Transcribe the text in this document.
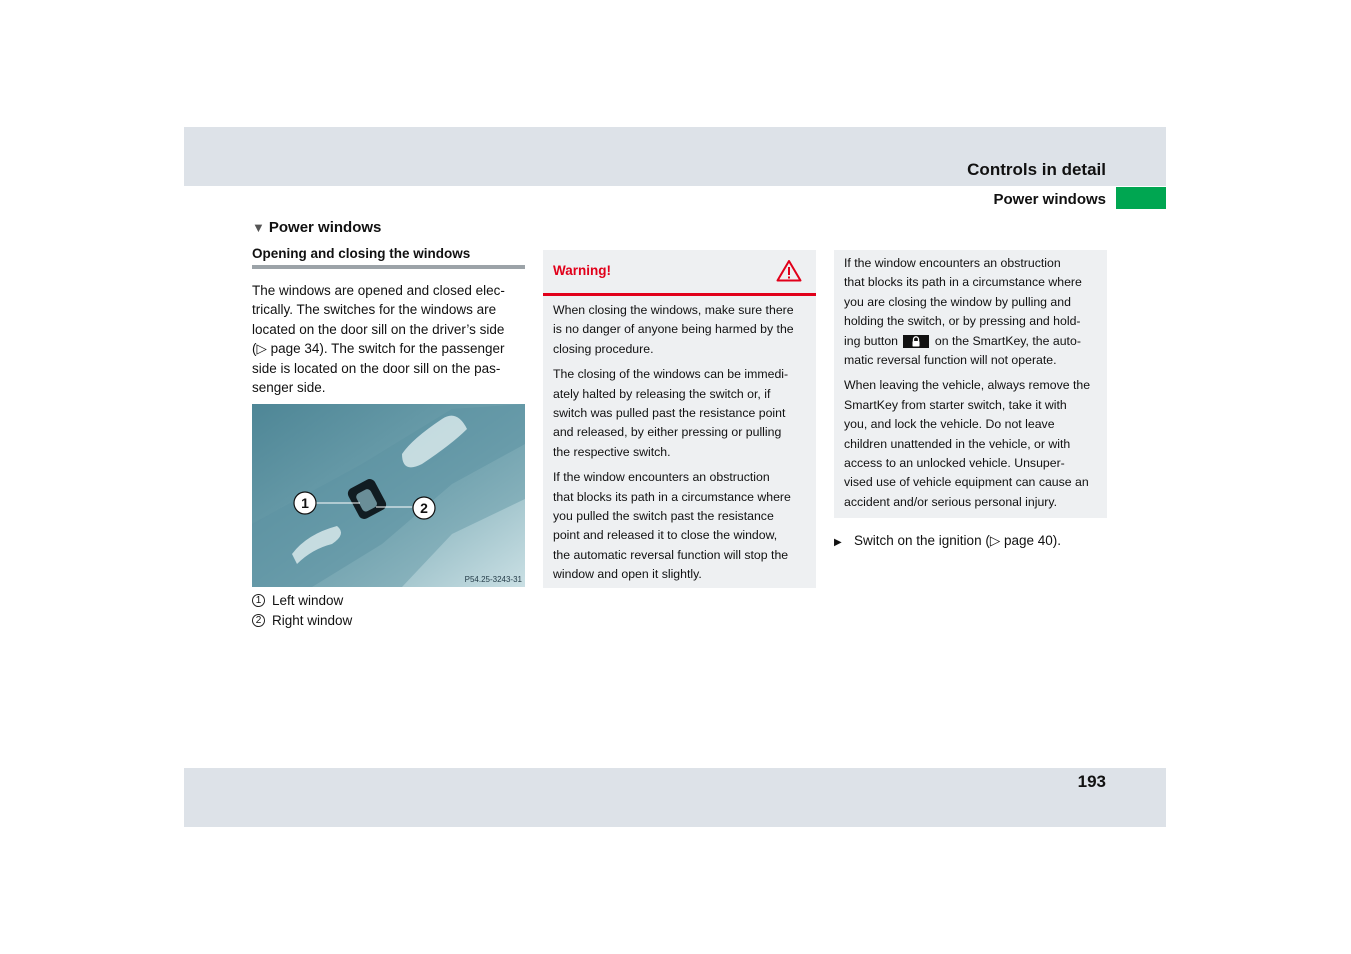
Controls in detail
Power windows
▼ Power windows
Opening and closing the windows

The windows are opened and closed elec-
trically. The switches for the windows are
located on the door sill on the driver’s side
(▷ page 34). The switch for the passenger
side is located on the door sill on the pas-
senger side.

1	2
P54.25-3243-31
1 Left window
2 Right window
Warning!

When closing the windows, make sure there
is no danger of anyone being harmed by the
closing procedure.

The closing of the windows can be immedi-
ately halted by releasing the switch or, if
switch was pulled past the resistance point
and released, by either pressing or pulling
the respective switch.

If the window encounters an obstruction
that blocks its path in a circumstance where
you pulled the switch past the resistance
point and released it to close the window,
the automatic reversal function will stop the
window and open it slightly.

If the window encounters an obstruction
that blocks its path in a circumstance where
you are closing the window by pulling and
holding the switch, or by pressing and hold-
ing button	on the SmartKey, the auto-
matic reversal function will not operate.

When leaving the vehicle, always remove the
SmartKey from starter switch, take it with
you, and lock the vehicle. Do not leave
children unattended in the vehicle, or with
access to an unlocked vehicle. Unsuper-
vised use of vehicle equipment can cause an
accident and/or serious personal injury.

▶ Switch on the ignition (▷ page 40).
193
